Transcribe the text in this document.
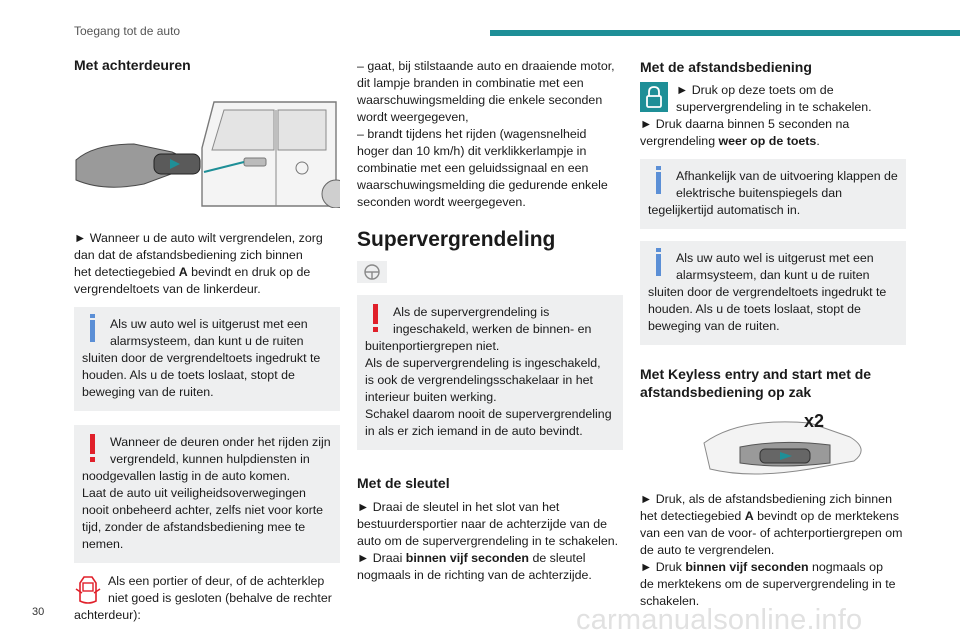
Toegang tot de auto
Met achterdeuren

► Wanneer u de auto wilt vergrendelen, zorg
dan dat de afstandsbediening zich binnen
het detectiegebied A bevindt en druk op de
vergrendeltoets van de linkerdeur.

Als uw auto wel is uitgerust met een
alarmsysteem, dan kunt u de ruiten
sluiten door de vergrendeltoets ingedrukt te
houden. Als u de toets loslaat, stopt de
beweging van de ruiten.

Wanneer de deuren onder het rijden zijn
vergrendeld, kunnen hulpdiensten in
noodgevallen lastig in de auto komen.
Laat de auto uit veiligheidsoverwegingen
nooit onbeheerd achter, zelfs niet voor korte
tijd, zonder de afstandsbediening mee te
nemen.

Als een portier of deur, of de achterklep
niet goed is gesloten (behalve de rechter
achterdeur):

– gaat, bij stilstaande auto en draaiende motor,
dit lampje branden in combinatie met een
waarschuwingsmelding die enkele seconden
wordt weergegeven,
– brandt tijdens het rijden (wagensnelheid
hoger dan 10 km/h) dit verklikkerlampje in
combinatie met een geluidssignaal en een
waarschuwingsmelding die gedurende enkele
seconden wordt weergegeven.

Supervergrendeling

Als de supervergrendeling is
ingeschakeld, werken de binnen- en
buitenportiergrepen niet.
Als de supervergrendeling is ingeschakeld,
is ook de vergrendelingsschakelaar in het
interieur buiten werking.
Schakel daarom nooit de supervergrendeling
in als er zich iemand in de auto bevindt.

Met de sleutel

► Draai de sleutel in het slot van het
bestuurdersportier naar de achterzijde van de
auto om de supervergrendeling in te schakelen.
► Draai binnen vijf seconden de sleutel
nogmaals in de richting van de achterzijde.

Met de afstandsbediening

► Druk op deze toets om de
supervergrendeling in te schakelen.

► Druk daarna binnen 5 seconden na
vergrendeling weer op de toets.

Afhankelijk van de uitvoering klappen de
elektrische buitenspiegels dan
tegelijkertijd automatisch in.

Als uw auto wel is uitgerust met een
alarmsysteem, dan kunt u de ruiten
sluiten door de vergrendeltoets ingedrukt te
houden. Als u de toets loslaat, stopt de
beweging van de ruiten.

Met Keyless entry and start met de
afstandsbediening op zak
x2

► Druk, als de afstandsbediening zich binnen
het detectiegebied A bevindt op de merktekens
van een van de voor- of achterportiergrepen om
de auto te vergrendelen.
► Druk binnen vijf seconden nogmaals op
de merktekens om de supervergrendeling in te
schakelen.

30	carmanualsonline.info
